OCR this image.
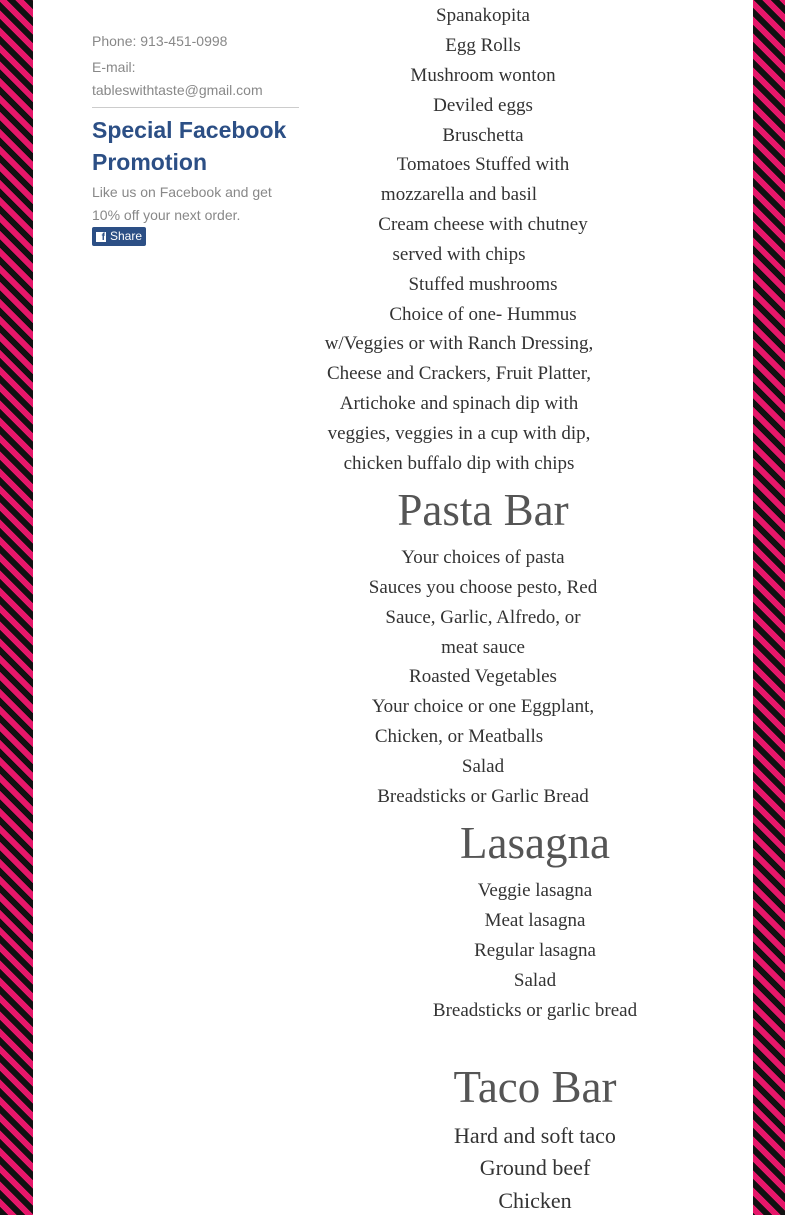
Phone: 913-451-0998
E-mail:
tableswithtaste@gmail.com
Special Facebook Promotion
Like us on Facebook and get 10% off your next order.
f Share
Spanakopita
Egg Rolls
Mushroom wonton
Deviled eggs
Bruschetta
Tomatoes Stuffed with
mozzarella and basil
Cream cheese with chutney
served with chips
Stuffed mushrooms
Choice of one- Hummus
w/Veggies or with Ranch Dressing,
Cheese and Crackers, Fruit Platter,
Artichoke and spinach dip with
veggies, veggies in a cup with dip,
chicken buffalo dip with chips
Pasta Bar
Your choices of pasta
Sauces you choose pesto, Red
Sauce, Garlic, Alfredo, or
meat sauce
Roasted Vegetables
Your choice or one Eggplant,
Chicken, or Meatballs
Salad
Breadsticks or Garlic Bread
Lasagna
Veggie lasagna
Meat lasagna
Regular lasagna
Salad
Breadsticks or garlic bread
Taco Bar
Hard and soft taco
Ground beef
Chicken
